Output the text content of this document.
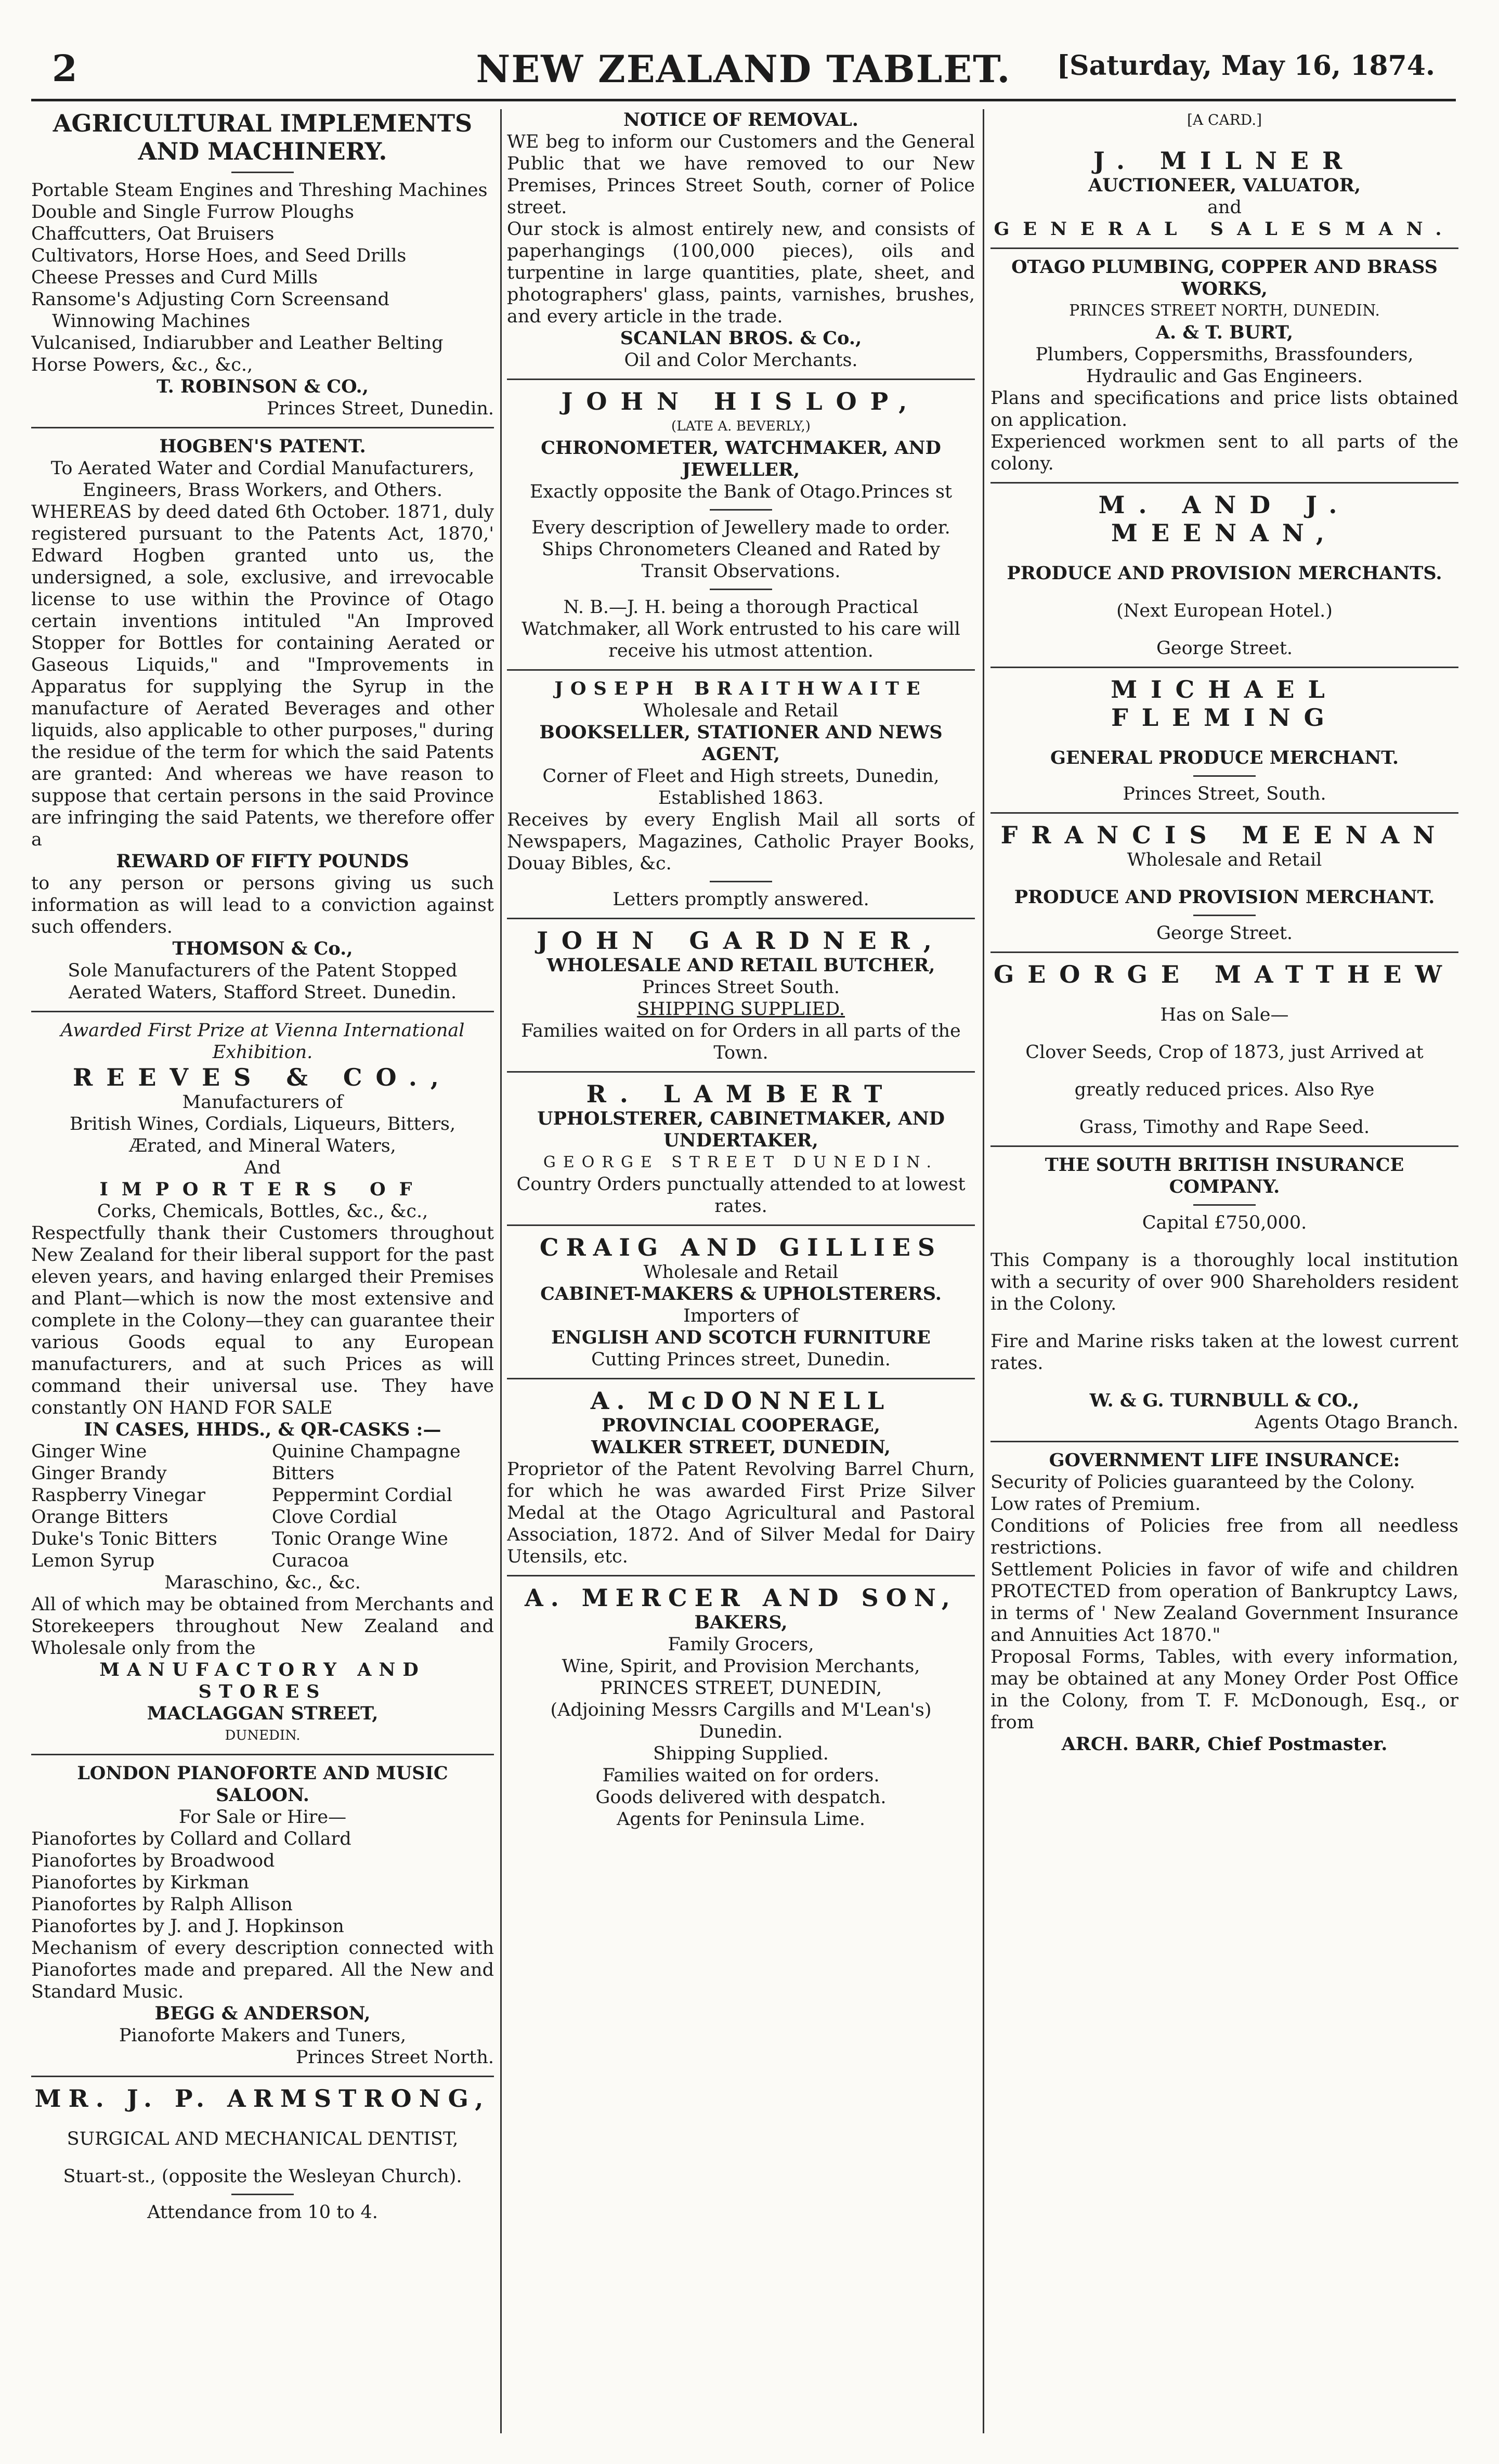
2	NEW ZEALAND TABLET.	[Saturday, May 16, 1874.

AGRICULTURAL IMPLEMENTS AND MACHINERY.

Portable Steam Engines and Threshing Machines

Double and Single Furrow Ploughs

Chaffcutters, Oat Bruisers

Cultivators, Horse Hoes, and Seed Drills

Cheese Presses and Curd Mills

Ransome's Adjusting Corn Screensand Winnowing Machines

Vulcanised, Indiarubber and Leather Belting

Horse Powers, &c., &c.,

T. ROBINSON & CO.,

Princes Street, Dunedin.

HOGBEN'S PATENT.

To Aerated Water and Cordial Manufacturers, Engineers, Brass Workers, and Others.

WHEREAS by deed dated 6th October. 1871, duly registered pursuant to the Patents Act, 1870,' Edward Hogben granted unto us, the undersigned, a sole, exclusive, and irrevocable license to use within the Province of Otago certain inventions intituled "An Improved Stopper for Bottles for containing Aerated or Gaseous Liquids," and "Improvements in Apparatus for supplying the Syrup in the manufacture of Aerated Beverages and other liquids, also applicable to other purposes," during the residue of the term for which the said Patents are granted: And whereas we have reason to suppose that certain persons in the said Province are infringing the said Patents, we therefore offer a

REWARD OF FIFTY POUNDS

to any person or persons giving us such information as will lead to a conviction against such offenders.

THOMSON & Co.,

Sole Manufacturers of the Patent Stopped Aerated Waters, Stafford Street. Dunedin.

Awarded First Prize at Vienna International Exhibition.

REEVES & CO.,

Manufacturers of

British Wines, Cordials, Liqueurs, Bitters, Ærated, and Mineral Waters,

And

IMPORTERS OF

Corks, Chemicals, Bottles, &c., &c.,

Respectfully thank their Customers throughout New Zealand for their liberal support for the past eleven years, and having enlarged their Premises and Plant—which is now the most extensive and complete in the Colony—they can guarantee their various Goods equal to any European manufacturers, and at such Prices as will command their universal use. They have constantly ON HAND FOR SALE

IN CASES, HHDS., & QR-CASKS :—

Ginger Wine	Quinine Champagne
Ginger Brandy	Bitters
Raspberry Vinegar	Peppermint Cordial
Orange Bitters	Clove Cordial
Duke's Tonic Bitters	Tonic Orange Wine
Lemon Syrup	Curacoa

Maraschino, &c., &c.

All of which may be obtained from Merchants and Storekeepers throughout New Zealand and Wholesale only from the

MANUFACTORY AND STORES

MACLAGGAN STREET,

DUNEDIN.

LONDON PIANOFORTE AND MUSIC SALOON.

For Sale or Hire—

Pianofortes by Collard and Collard

Pianofortes by Broadwood

Pianofortes by Kirkman

Pianofortes by Ralph Allison

Pianofortes by J. and J. Hopkinson

Mechanism of every description connected with Pianofortes made and prepared. All the New and Standard Music.

BEGG & ANDERSON,

Pianoforte Makers and Tuners,

Princes Street North.

MR. J. P. ARMSTRONG,

SURGICAL AND MECHANICAL DENTIST,

Stuart-st., (opposite the Wesleyan Church).

Attendance from 10 to 4.

NOTICE OF REMOVAL.

WE beg to inform our Customers and the General Public that we have removed to our New Premises, Princes Street South, corner of Police street.

Our stock is almost entirely new, and consists of paperhangings (100,000 pieces), oils and turpentine in large quantities, plate, sheet, and photographers' glass, paints, varnishes, brushes, and every article in the trade.

SCANLAN BROS. & Co.,

Oil and Color Merchants.

JOHN HISLOP,

(LATE A. BEVERLY,)

CHRONOMETER, WATCHMAKER, AND JEWELLER,

Exactly opposite the Bank of Otago.Princes st

Every description of Jewellery made to order. Ships Chronometers Cleaned and Rated by Transit Observations.

N. B.—J. H. being a thorough Practical Watchmaker, all Work entrusted to his care will receive his utmost attention.

JOSEPH BRAITHWAITE

Wholesale and Retail

BOOKSELLER, STATIONER AND NEWS AGENT,

Corner of Fleet and High streets, Dunedin,

Established 1863.

Receives by every English Mail all sorts of Newspapers, Magazines, Catholic Prayer Books, Douay Bibles, &c.

Letters promptly answered.

JOHN GARDNER,

WHOLESALE AND RETAIL BUTCHER,

Princes Street South.

SHIPPING SUPPLIED.

Families waited on for Orders in all parts of the Town.

R. LAMBERT

UPHOLSTERER, CABINETMAKER, AND UNDERTAKER,

GEORGE STREET DUNEDIN.

Country Orders punctually attended to at lowest rates.

CRAIG AND GILLIES

Wholesale and Retail

CABINET-MAKERS & UPHOLSTERERS.

Importers of

ENGLISH AND SCOTCH FURNITURE

Cutting Princes street, Dunedin.

A. McDONNELL

PROVINCIAL COOPERAGE,

WALKER STREET, DUNEDIN,

Proprietor of the Patent Revolving Barrel Churn, for which he was awarded First Prize Silver Medal at the Otago Agricultural and Pastoral Association, 1872. And of Silver Medal for Dairy Utensils, etc.

A. MERCER AND SON,

BAKERS,

Family Grocers,

Wine, Spirit, and Provision Merchants,

PRINCES STREET, DUNEDIN,

(Adjoining Messrs Cargills and M'Lean's)

Dunedin.

Shipping Supplied.

Families waited on for orders.

Goods delivered with despatch.

Agents for Peninsula Lime.

[A CARD.]

J. MILNER

AUCTIONEER, VALUATOR,

and

GENERAL SALESMAN.

OTAGO PLUMBING, COPPER AND BRASS WORKS,

PRINCES STREET NORTH, DUNEDIN.

A. & T. BURT,

Plumbers, Coppersmiths, Brassfounders, Hydraulic and Gas Engineers.

Plans and specifications and price lists obtained on application.

Experienced workmen sent to all parts of the colony.

M. AND J. MEENAN,

PRODUCE AND PROVISION MERCHANTS.

(Next European Hotel.)

George Street.

MICHAEL FLEMING

GENERAL PRODUCE MERCHANT.

Princes Street, South.

FRANCIS MEENAN

Wholesale and Retail

PRODUCE AND PROVISION MERCHANT.

George Street.

GEORGE MATTHEW

Has on Sale—

Clover Seeds, Crop of 1873, just Arrived at

greatly reduced prices. Also Rye

Grass, Timothy and Rape Seed.

THE SOUTH BRITISH INSURANCE COMPANY.

Capital £750,000.

This Company is a thoroughly local institution with a security of over 900 Shareholders resident in the Colony.

Fire and Marine risks taken at the lowest current rates.

W. & G. TURNBULL & CO.,

Agents Otago Branch.

GOVERNMENT LIFE INSURANCE:

Security of Policies guaranteed by the Colony.

Low rates of Premium.

Conditions of Policies free from all needless restrictions.

Settlement Policies in favor of wife and children PROTECTED from operation of Bankruptcy Laws, in terms of ' New Zealand Government Insurance and Annuities Act 1870."

Proposal Forms, Tables, with every information, may be obtained at any Money Order Post Office in the Colony, from T. F. McDonough, Esq., or from

ARCH. BARR, Chief Postmaster.
